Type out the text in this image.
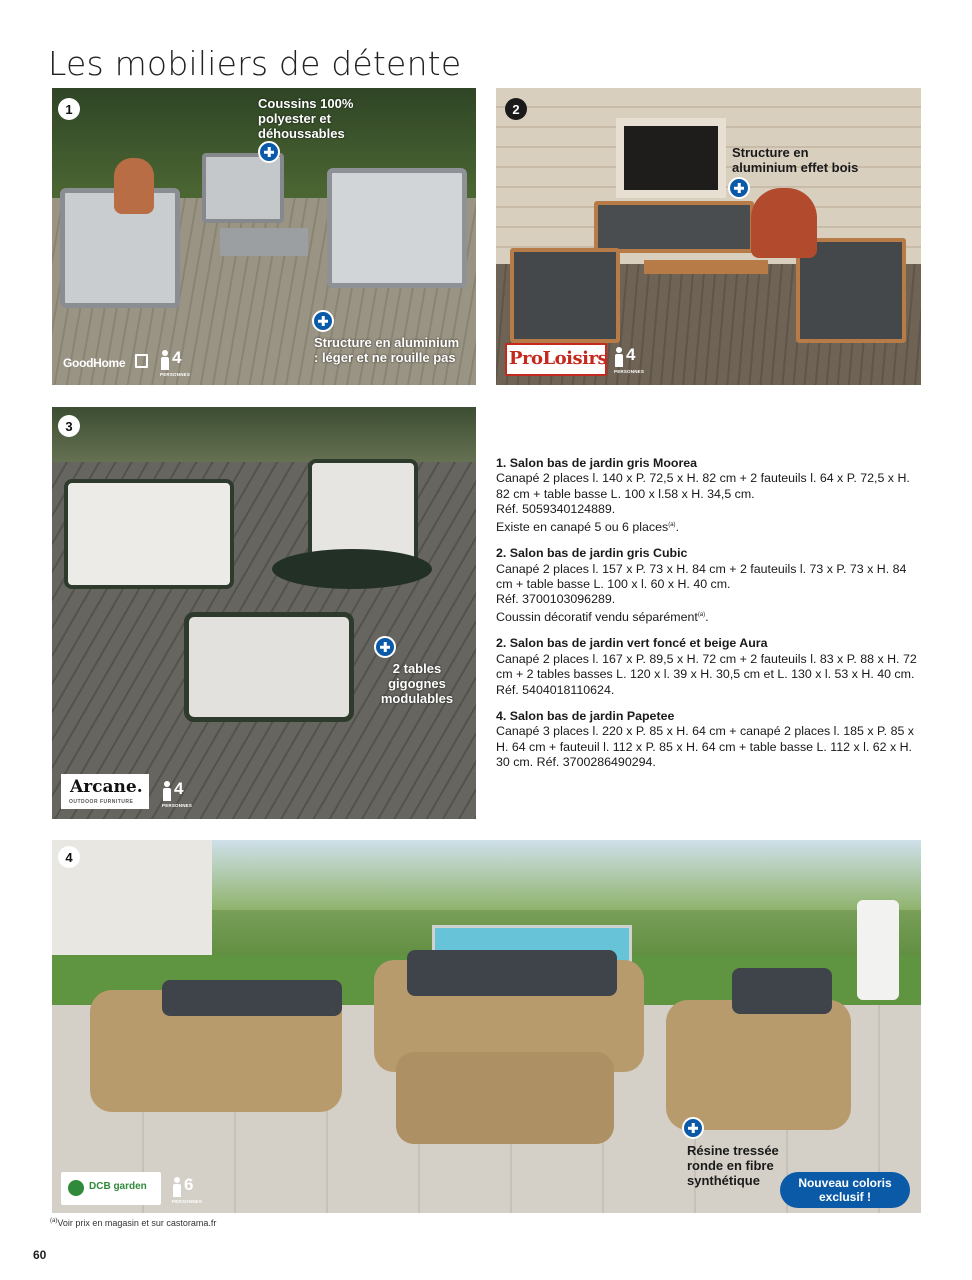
Les mobiliers de détente
1	Coussins 100% polyester et déhoussables
Structure en aluminium : léger et ne rouille pas
GoodHome	4
PERSONNES
2
Structure en aluminium effet bois
ProLoisirs 4
PERSONNES
3
2 tables gigognes modulables
Arcane.
OUTDOOR FURNITURE
4
PERSONNES
1. Salon bas de jardin gris Moorea
Canapé 2 places l. 140 x P. 72,5 x H. 82 cm + 2 fauteuils l. 64 x P. 72,5 x H. 82 cm + table basse L. 100 x l.58 x H. 34,5 cm.
Réf. 5059340124889.
Existe en canapé 5 ou 6 places$^{(a)}$.
2. Salon bas de jardin gris Cubic
Canapé 2 places l. 157 x P. 73 x H. 84 cm + 2 fauteuils l. 73 x P. 73 x H. 84 cm + table basse L. 100 x l. 60 x H. 40 cm.
Réf. 3700103096289.
Coussin décoratif vendu séparément$^{(a)}$.
2. Salon bas de jardin vert foncé et beige Aura
Canapé 2 places l. 167 x P. 89,5 x H. 72 cm + 2 fauteuils l. 83 x P. 88 x H. 72 cm + 2 tables basses L. 120 x l. 39 x H. 30,5 cm et L. 130 x l. 53 x H. 40 cm.
Réf. 5404018110624.
4. Salon bas de jardin Papetee
Canapé 3 places l. 220 x P. 85 x H. 64 cm + canapé 2 places l. 185 x P. 85 x H. 64 cm + fauteuil l. 112 x P. 85 x H. 64 cm + table basse L. 112 x l. 62 x H. 30 cm. Réf. 3700286490294.
4
Résine tressée ronde en fibre synthétique
DCB garden 6
PERSONNES
Nouveau coloris exclusif !
$^{(a)}$Voir prix en magasin et sur castorama.fr
60
